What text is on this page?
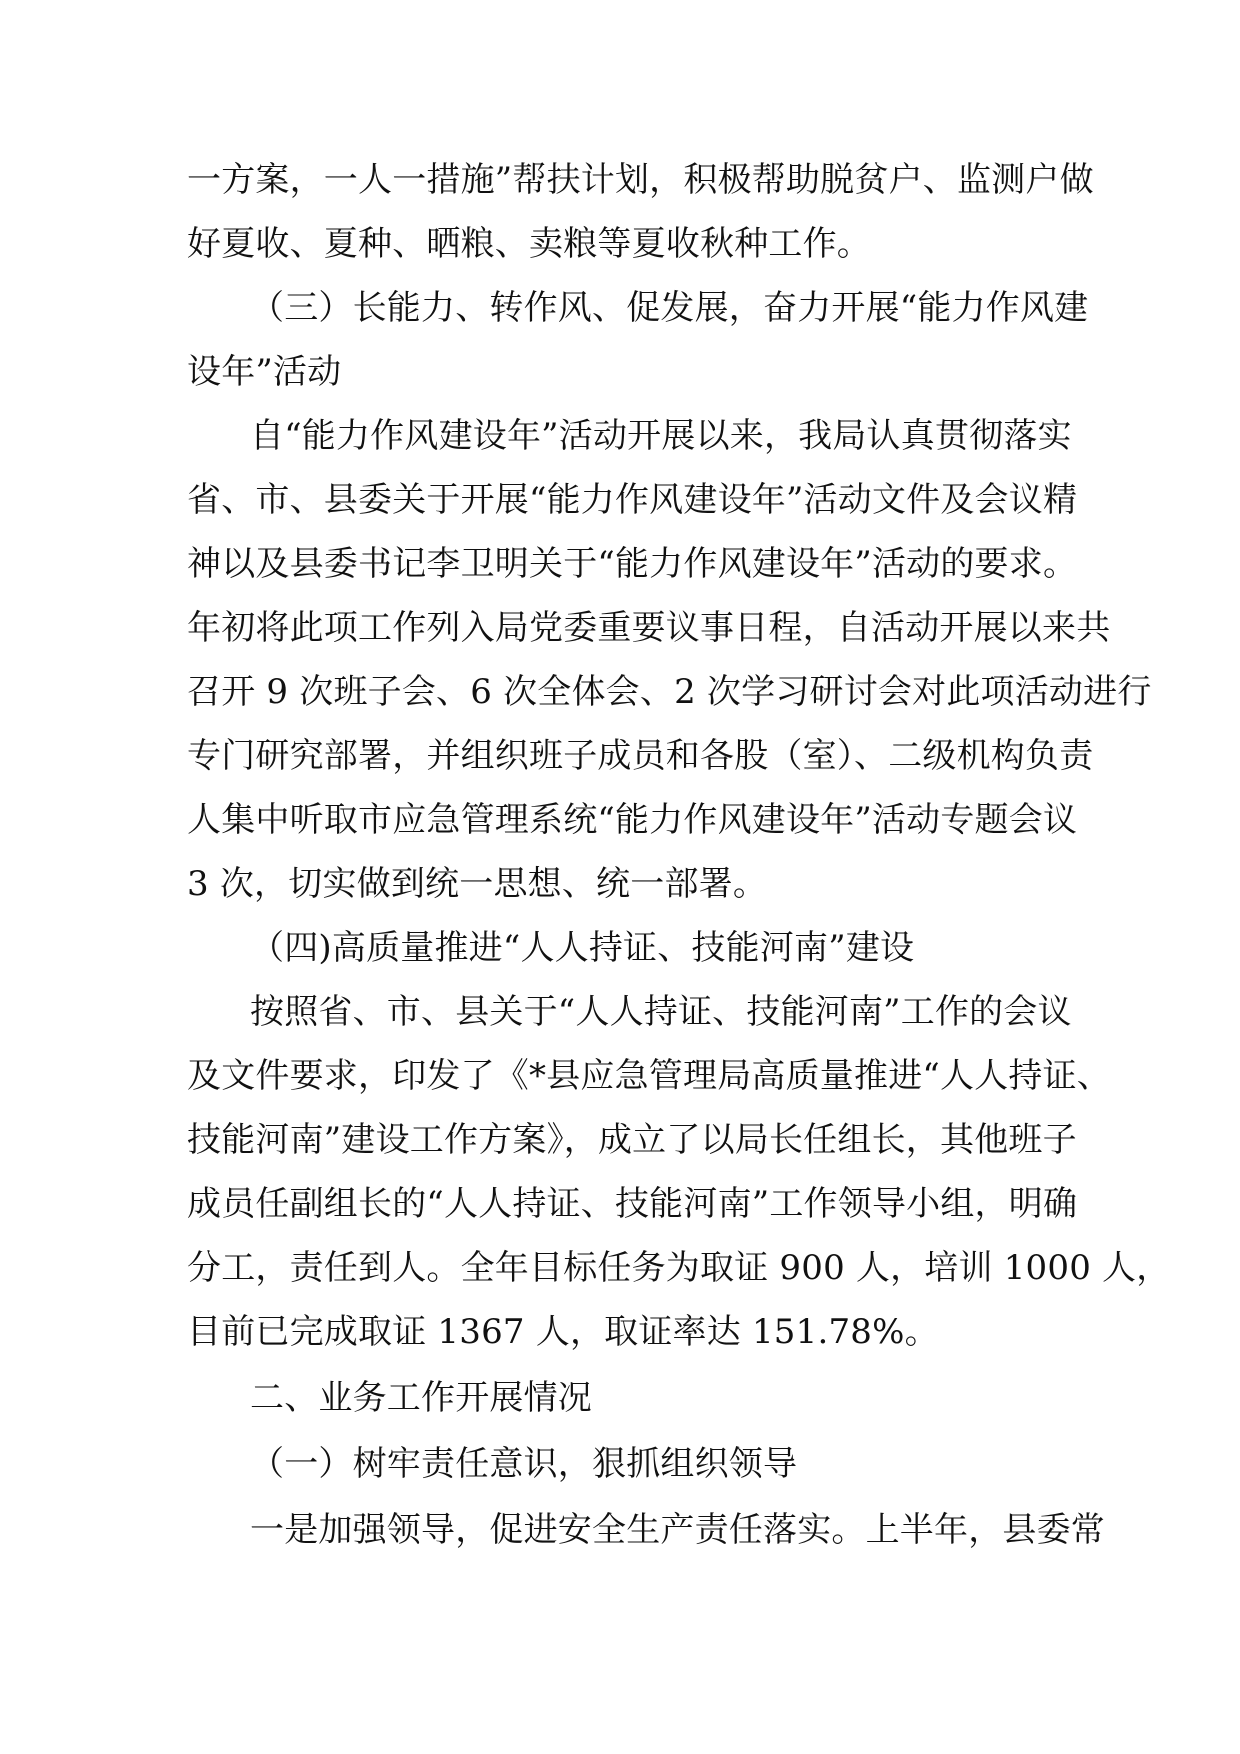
一方案，一人一措施”帮扶计划，积极帮助脱贫户、监测户做
好夏收、夏种、晒粮、卖粮等夏收秋种工作。
（三）长能力、转作风、促发展，奋力开展“能力作风建
设年”活动
自“能力作风建设年”活动开展以来，我局认真贯彻落实
省、市、县委关于开展“能力作风建设年”活动文件及会议精
神以及县委书记李卫明关于“能力作风建设年”活动的要求。
年初将此项工作列入局党委重要议事日程，自活动开展以来共
召开 9 次班子会、6 次全体会、2 次学习研讨会对此项活动进行
专门研究部署，并组织班子成员和各股（室）、二级机构负责
人集中听取市应急管理系统“能力作风建设年”活动专题会议
3 次，切实做到统一思想、统一部署。
（四)高质量推进“人人持证、技能河南”建设
按照省、市、县关于“人人持证、技能河南”工作的会议
及文件要求，印发了《*县应急管理局高质量推进“人人持证、
技能河南”建设工作方案》，成立了以局长任组长，其他班子
成员任副组长的“人人持证、技能河南”工作领导小组，明确
分工，责任到人。全年目标任务为取证 900 人，培训 1000 人，
目前已完成取证 1367 人，取证率达 151.78%。
二、业务工作开展情况
（一）树牢责任意识，狠抓组织领导
一是加强领导，促进安全生产责任落实。上半年，县委常
